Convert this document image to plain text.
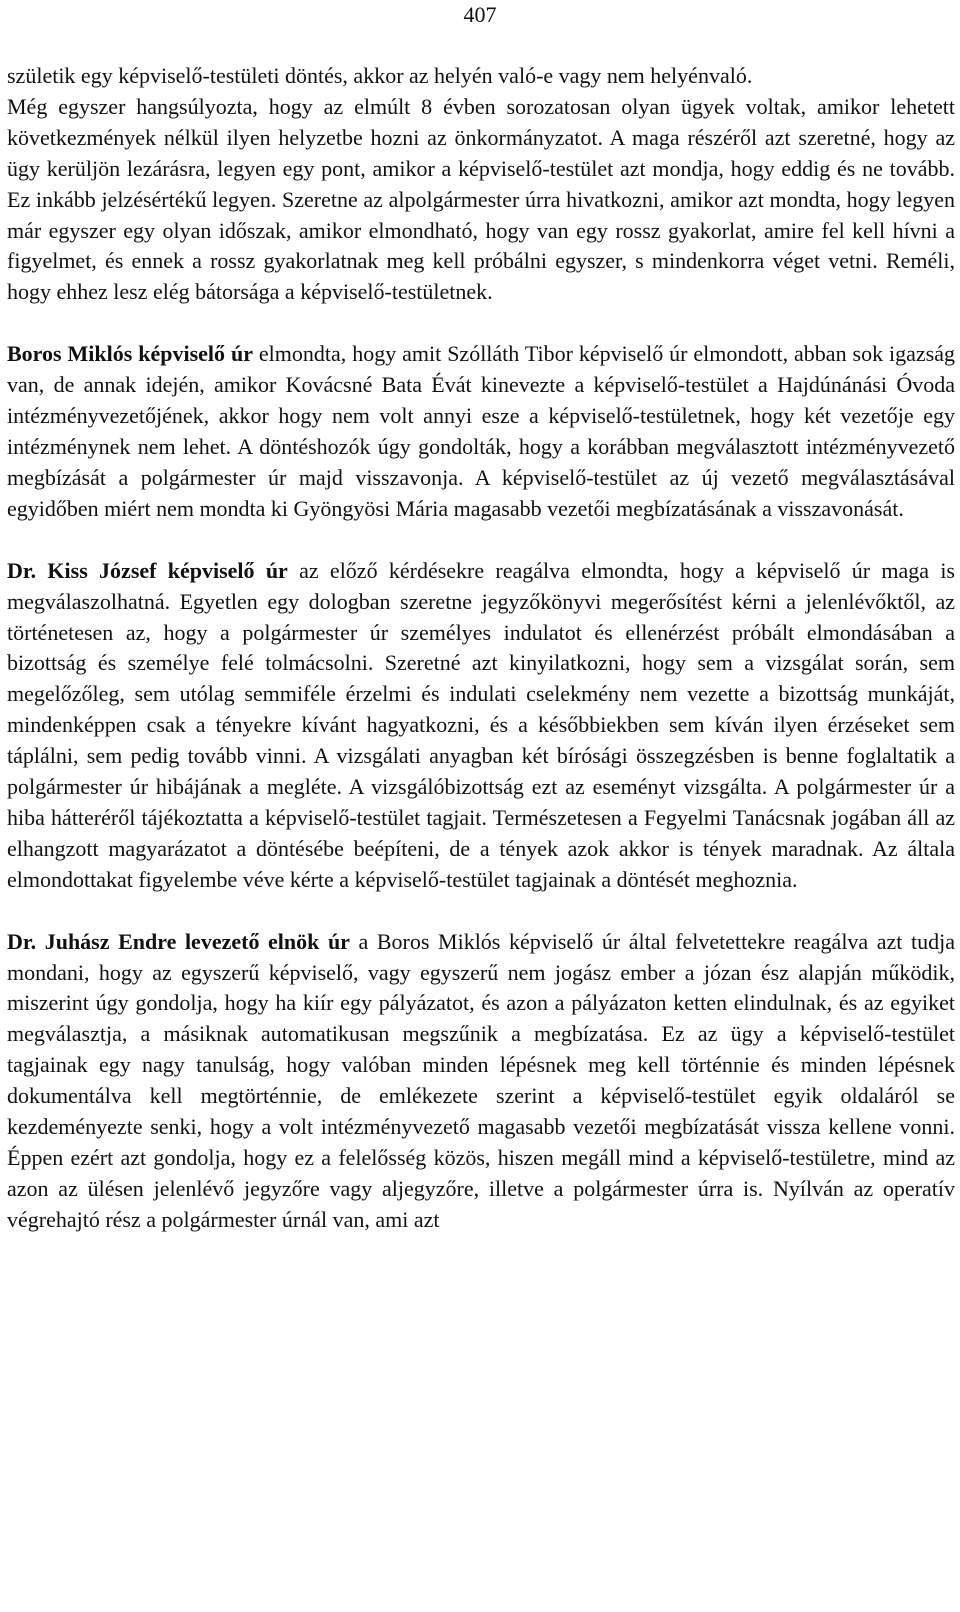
407

születik egy képviselő-testületi döntés, akkor az helyén való-e vagy nem helyénvaló.

Még egyszer hangsúlyozta, hogy az elmúlt 8 évben sorozatosan olyan ügyek voltak, amikor lehetett következmények nélkül ilyen helyzetbe hozni az önkormányzatot. A maga részéről azt szeretné, hogy az ügy kerüljön lezárásra, legyen egy pont, amikor a képviselő-testület azt mondja, hogy eddig és ne tovább. Ez inkább jelzésértékű legyen. Szeretne az alpolgármester úrra hivatkozni, amikor azt mondta, hogy legyen már egyszer egy olyan időszak, amikor elmondható, hogy van egy rossz gyakorlat, amire fel kell hívni a figyelmet, és ennek a rossz gyakorlatnak meg kell próbálni egyszer, s mindenkorra véget vetni. Reméli, hogy ehhez lesz elég bátorsága a képviselő-testületnek.

Boros Miklós képviselő úr elmondta, hogy amit Szólláth Tibor képviselő úr elmondott, abban sok igazság van, de annak idején, amikor Kovácsné Bata Évát kinevezte a képviselő-testület a Hajdúnánási Óvoda intézményvezetőjének, akkor hogy nem volt annyi esze a képviselő-testületnek, hogy két vezetője egy intézménynek nem lehet. A döntéshozók úgy gondolták, hogy a korábban megválasztott intézményvezető megbízását a polgármester úr majd visszavonja. A képviselő-testület az új vezető megválasztásával egyidőben miért nem mondta ki Gyöngyösi Mária magasabb vezetői megbízatásának a visszavonását.

Dr. Kiss József képviselő úr az előző kérdésekre reagálva elmondta, hogy a képviselő úr maga is megválaszolhatná. Egyetlen egy dologban szeretne jegyzőkönyvi megerősítést kérni a jelenlévőktől, az történetesen az, hogy a polgármester úr személyes indulatot és ellenérzést próbált elmondásában a bizottság és személye felé tolmácsolni. Szeretné azt kinyilatkozni, hogy sem a vizsgálat során, sem megelőzőleg, sem utólag semmiféle érzelmi és indulati cselekmény nem vezette a bizottság munkáját, mindenképpen csak a tényekre kívánt hagyatkozni, és a későbbiekben sem kíván ilyen érzéseket sem táplálni, sem pedig tovább vinni. A vizsgálati anyagban két bírósági összegzésben is benne foglaltatik a polgármester úr hibájának a megléte. A vizsgálóbizottság ezt az eseményt vizsgálta. A polgármester úr a hiba hátteréről tájékoztatta a képviselő-testület tagjait. Természetesen a Fegyelmi Tanácsnak jogában áll az elhangzott magyarázatot a döntésébe beépíteni, de a tények azok akkor is tények maradnak. Az általa elmondottakat figyelembe véve kérte a képviselő-testület tagjainak a döntését meghoznia.

Dr. Juhász Endre levezető elnök úr a Boros Miklós képviselő úr által felvetettekre reagálva azt tudja mondani, hogy az egyszerű képviselő, vagy egyszerű nem jogász ember a józan ész alapján működik, miszerint úgy gondolja, hogy ha kiír egy pályázatot, és azon a pályázaton ketten elindulnak, és az egyiket megválasztja, a másiknak automatikusan megszűnik a megbízatása. Ez az ügy a képviselő-testület tagjainak egy nagy tanulság, hogy valóban minden lépésnek meg kell történnie és minden lépésnek dokumentálva kell megtörténnie, de emlékezete szerint a képviselő-testület egyik oldaláról se kezdeményezte senki, hogy a volt intézményvezető magasabb vezetői megbízatását vissza kellene vonni. Éppen ezért azt gondolja, hogy ez a felelősség közös, hiszen megáll mind a képviselő-testületre, mind az azon az ülésen jelenlévő jegyzőre vagy aljegyzőre, illetve a polgármester úrra is. Nyílván az operatív végrehajtó rész a polgármester úrnál van, ami azt
